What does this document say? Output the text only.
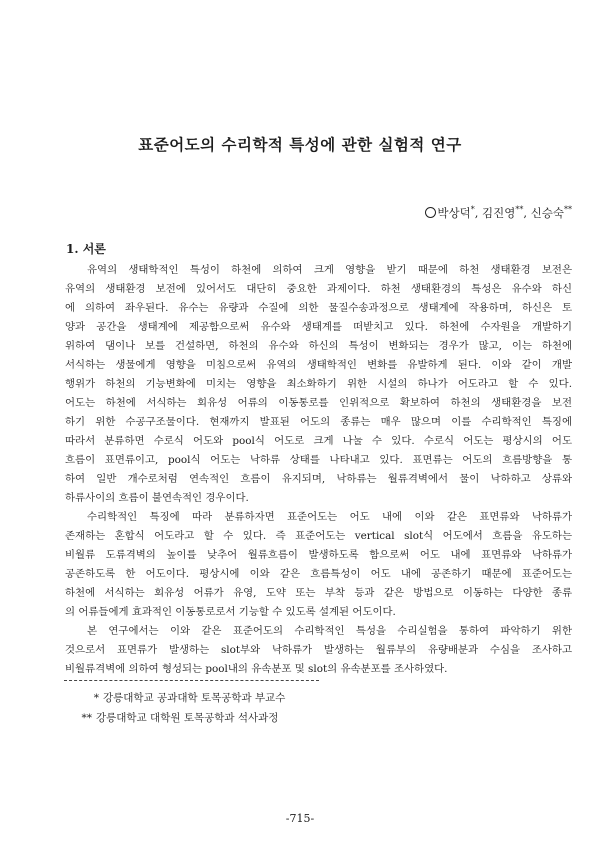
표준어도의 수리학적 특성에 관한 실험적 연구
박상덕*, 김진영**, 신승숙**
1. 서론
유역의 생태학적인 특성이 하천에 의하여 크게 영향을 받기 때문에 하천 생태환경 보전은
유역의 생태환경 보전에 있어서도 대단히 중요한 과제이다. 하천 생태환경의 특성은 유수와 하신
에 의하여 좌우된다. 유수는 유량과 수질에 의한 물질수송과정으로 생태계에 작용하며, 하신은 토
양과 공간을 생태계에 제공함으로써 유수와 생태계를 떠받치고 있다. 하천에 수자원을 개발하기
위하여 댐이나 보를 건설하면, 하천의 유수와 하신의 특성이 변화되는 경우가 많고, 이는 하천에
서식하는 생물에게 영향을 미침으로써 유역의 생태학적인 변화를 유발하게 된다. 이와 같이 개발
행위가 하천의 기능변화에 미치는 영향을 최소화하기 위한 시설의 하나가 어도라고 할 수 있다.
어도는 하천에 서식하는 회유성 어류의 이동통로를 인위적으로 확보하여 하천의 생태환경을 보전
하기 위한 수공구조물이다. 현재까지 발표된 어도의 종류는 매우 많으며 이를 수리학적인 특징에
따라서 분류하면 수로식 어도와 pool식 어도로 크게 나눌 수 있다. 수로식 어도는 평상시의 어도
흐름이 표면류이고, pool식 어도는 낙하류 상태를 나타내고 있다. 표면류는 어도의 흐름방향을 통
하여 일반 개수로처럼 연속적인 흐름이 유지되며, 낙하류는 월류격벽에서 물이 낙하하고 상류와
하류사이의 흐름이 불연속적인 경우이다.
수리학적인 특징에 따라 분류하자면 표준어도는 어도 내에 이와 같은 표면류와 낙하류가
존재하는 혼합식 어도라고 할 수 있다. 즉 표준어도는 vertical slot식 어도에서 흐름을 유도하는
비월류 도류격벽의 높이를 낮추어 월류흐름이 발생하도록 함으로써 어도 내에 표면류와 낙하류가
공존하도록 한 어도이다. 평상시에 이와 같은 흐름특성이 어도 내에 공존하기 때문에 표준어도는
하천에 서식하는 회유성 어류가 유영, 도약 또는 부착 등과 같은 방법으로 이동하는 다양한 종류
의 어류들에게 효과적인 이동통로로서 기능할 수 있도록 설계된 어도이다.
본 연구에서는 이와 같은 표준어도의 수리학적인 특성을 수리실험을 통하여 파악하기 위한
것으로서 표면류가 발생하는 slot부와 낙하류가 발생하는 월류부의 유량배분과 수심을 조사하고
비월류격벽에 의하여 형성되는 pool내의 유속분포 및 slot의 유속분포를 조사하였다.
* 강릉대학교 공과대학 토목공학과 부교수
** 강릉대학교 대학원 토목공학과 석사과정
-715-
